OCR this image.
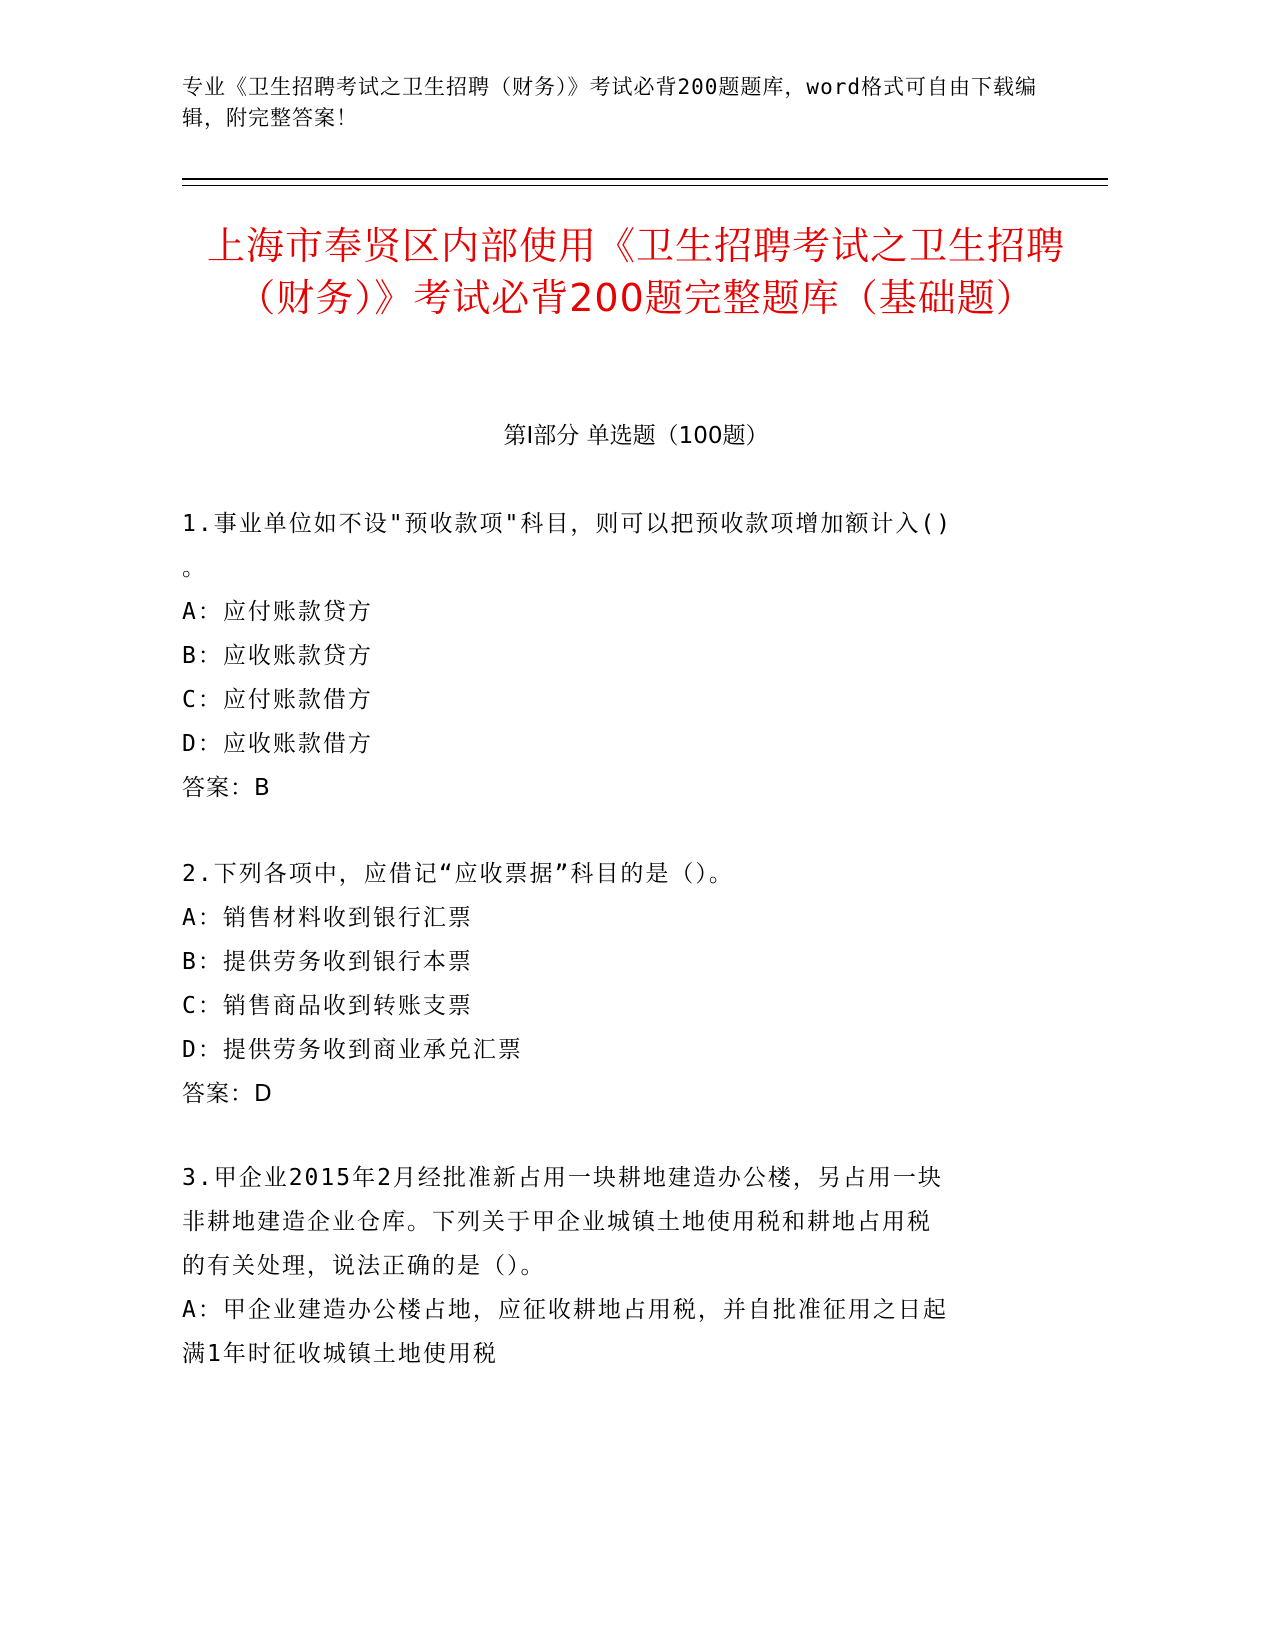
专业《卫生招聘考试之卫生招聘（财务）》考试必背200题题库，word格式可自由下载编辑，附完整答案！

上海市奉贤区内部使用《卫生招聘考试之卫生招聘（财务）》考试必背200题完整题库（基础题）
第I部分 单选题（100题）
1.事业单位如不设"预收款项"科目，则可以把预收款项增加额计入()
。
A：应付账款贷方
B：应收账款贷方
C：应付账款借方
D：应收账款借方
答案：B
2.下列各项中，应借记“应收票据”科目的是（）。
A：销售材料收到银行汇票
B：提供劳务收到银行本票
C：销售商品收到转账支票
D：提供劳务收到商业承兑汇票
答案：D
3.甲企业2015年2月经批准新占用一块耕地建造办公楼，另占用一块
非耕地建造企业仓库。下列关于甲企业城镇土地使用税和耕地占用税
的有关处理，说法正确的是（）。
A：甲企业建造办公楼占地，应征收耕地占用税，并自批准征用之日起
满1年时征收城镇土地使用税
